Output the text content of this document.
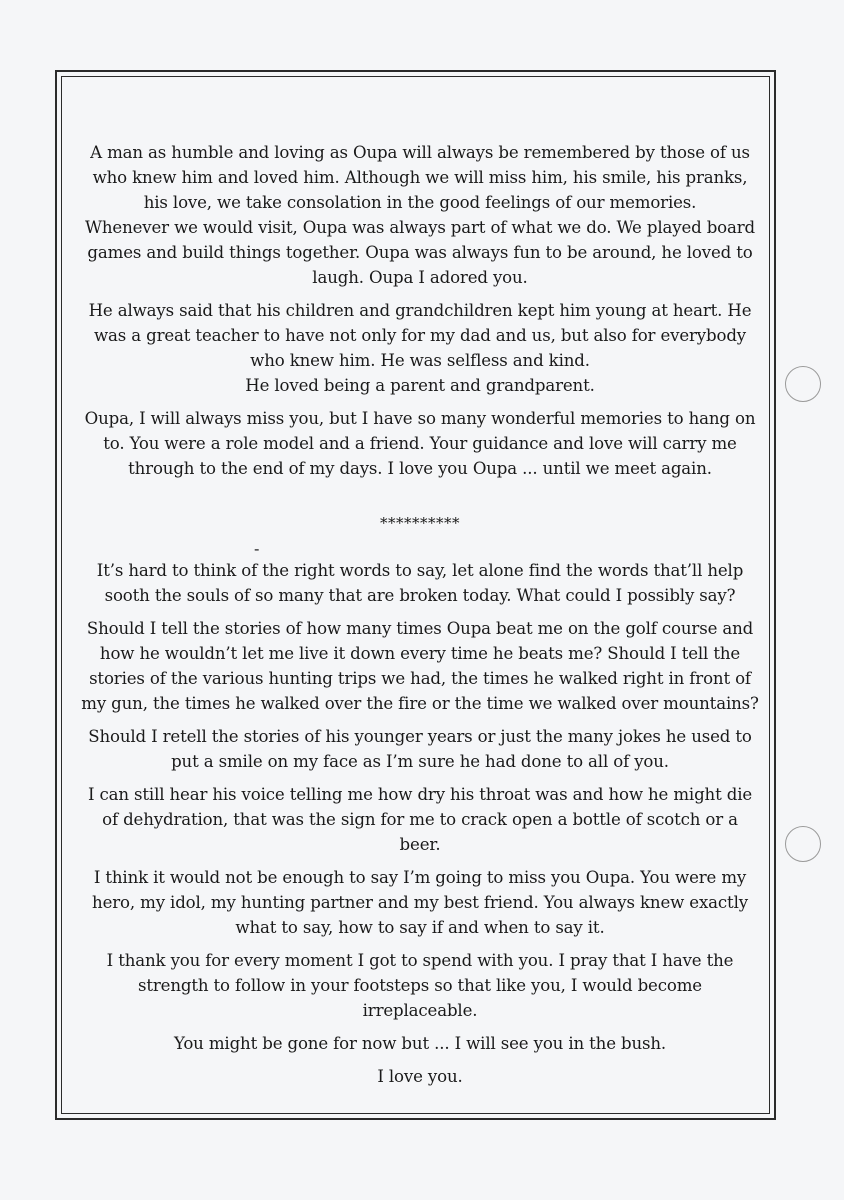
A man as humble and loving as Oupa will always be remembered by those of us who knew him and loved him. Although we will miss him, his smile, his pranks, his love, we take consolation in the good feelings of our memories.

Whenever we would visit, Oupa was always part of what we do. We played board games and build things together. Oupa was always fun to be around, he loved to laugh. Oupa I adored you.

He always said that his children and grandchildren kept him young at heart. He was a great teacher to have not only for my dad and us, but also for everybody who knew him. He was selfless and kind.

He loved being a parent and grandparent.

Oupa, I will always miss you, but I have so many wonderful memories to hang on to. You were a role model and a friend. Your guidance and love will carry me through to the end of my days. I love you Oupa ... until we meet again.

**********
-

It’s hard to think of the right words to say, let alone find the words that’ll help sooth the souls of so many that are broken today. What could I possibly say?

Should I tell the stories of how many times Oupa beat me on the golf course and how he wouldn’t let me live it down every time he beats me? Should I tell the stories of the various hunting trips we had, the times he walked right in front of my gun, the times he walked over the fire or the time we walked over mountains?

Should I retell the stories of his younger years or just the many jokes he used to put a smile on my face as I’m sure he had done to all of you.

I can still hear his voice telling me how dry his throat was and how he might die of dehydration, that was the sign for me to crack open a bottle of scotch or a beer.

I think it would not be enough to say I’m going to miss you Oupa. You were my hero, my idol, my hunting partner and my best friend. You always knew exactly what to say, how to say if and when to say it.

I thank you for every moment I got to spend with you. I pray that I have the strength to follow in your footsteps so that like you, I would become irreplaceable.

You might be gone for now but ... I will see you in the bush.

I love you.
